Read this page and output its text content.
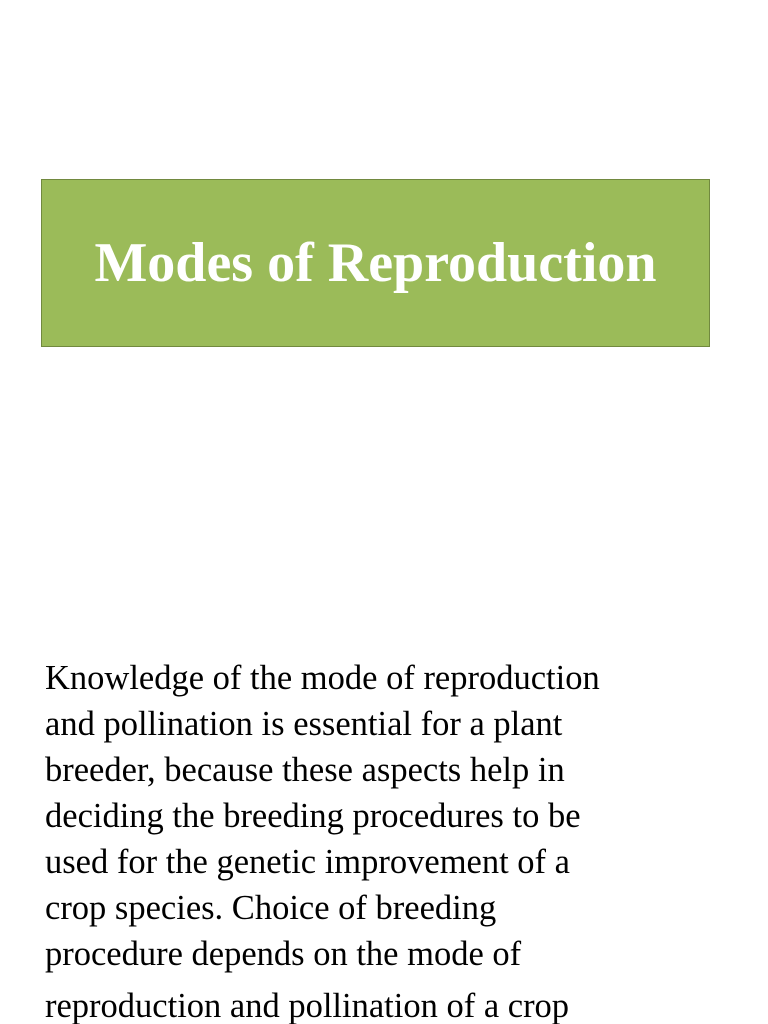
Modes of Reproduction

Knowledge of the mode of reproduction
and pollination is essential for a plant
breeder, because these aspects help in
deciding the breeding procedures to be
used for the genetic improvement of a
crop species. Choice of breeding
procedure depends on the mode of
reproduction and pollination of a crop
